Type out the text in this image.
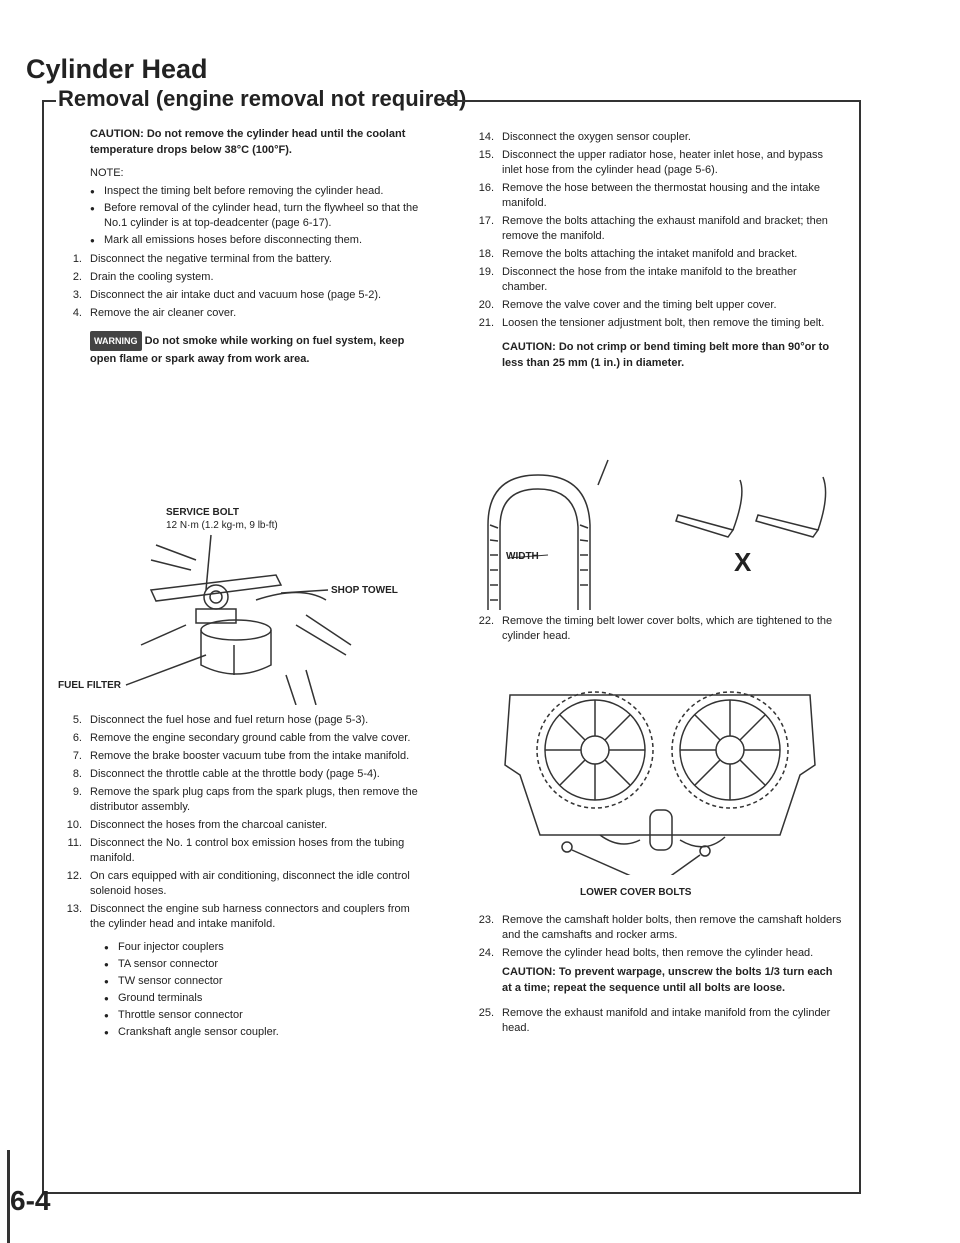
Cylinder Head
Removal (engine removal not required)

CAUTION: Do not remove the cylinder head until the coolant temperature drops below 38°C (100°F).

NOTE:

● Inspect the timing belt before removing the cylinder head.
● Before removal of the cylinder head, turn the flywheel so that the No.1 cylinder is at top-deadcenter (page 6-17).
● Mark all emissions hoses before disconnecting them.
1. Disconnect the negative terminal from the battery.
2. Drain the cooling system.
3. Disconnect the air intake duct and vacuum hose (page 5-2).
4. Remove the air cleaner cover.

WARNING Do not smoke while working on fuel system, keep open flame or spark away from work area.

SERVICE BOLT
12 N·m (1.2 kg-m, 9 lb-ft)
SHOP TOWEL
FUEL FILTER
5. Disconnect the fuel hose and fuel return hose (page 5-3).
6. Remove the engine secondary ground cable from the valve cover.
7. Remove the brake booster vacuum tube from the intake manifold.
8. Disconnect the throttle cable at the throttle body (page 5-4).
9. Remove the spark plug caps from the spark plugs, then remove the distributor assembly.
10. Disconnect the hoses from the charcoal canister.
11. Disconnect the No. 1 control box emission hoses from the tubing manifold.
12. On cars equipped with air conditioning, disconnect the idle control solenoid hoses.
13. Disconnect the engine sub harness connectors and couplers from the cylinder head and intake manifold.
● Four injector couplers
● TA sensor connector
● TW sensor connector
● Ground terminals
● Throttle sensor connector
● Crankshaft angle sensor coupler.
14. Disconnect the oxygen sensor coupler.
15. Disconnect the upper radiator hose, heater inlet hose, and bypass inlet hose from the cylinder head (page 5-6).
16. Remove the hose between the thermostat housing and the intake manifold.
17. Remove the bolts attaching the exhaust manifold and bracket; then remove the manifold.
18. Remove the bolts attaching the intaket manifold and bracket.
19. Disconnect the hose from the intake manifold to the breather chamber.
20. Remove the valve cover and the timing belt upper cover.
21. Loosen the tensioner adjustment bolt, then remove the timing belt.

CAUTION: Do not crimp or bend timing belt more than 90°or to less than 25 mm (1 in.) in diameter.

WIDTH	X
22. Remove the timing belt lower cover bolts, which are tightened to the cylinder head.
LOWER COVER BOLTS
23. Remove the camshaft holder bolts, then remove the camshaft holders and the camshafts and rocker arms.
24. Remove the cylinder head bolts, then remove the cylinder head.

CAUTION: To prevent warpage, unscrew the bolts 1/3 turn each at a time; repeat the sequence until all bolts are loose.

25. Remove the exhaust manifold and intake manifold from the cylinder head.
6-4
